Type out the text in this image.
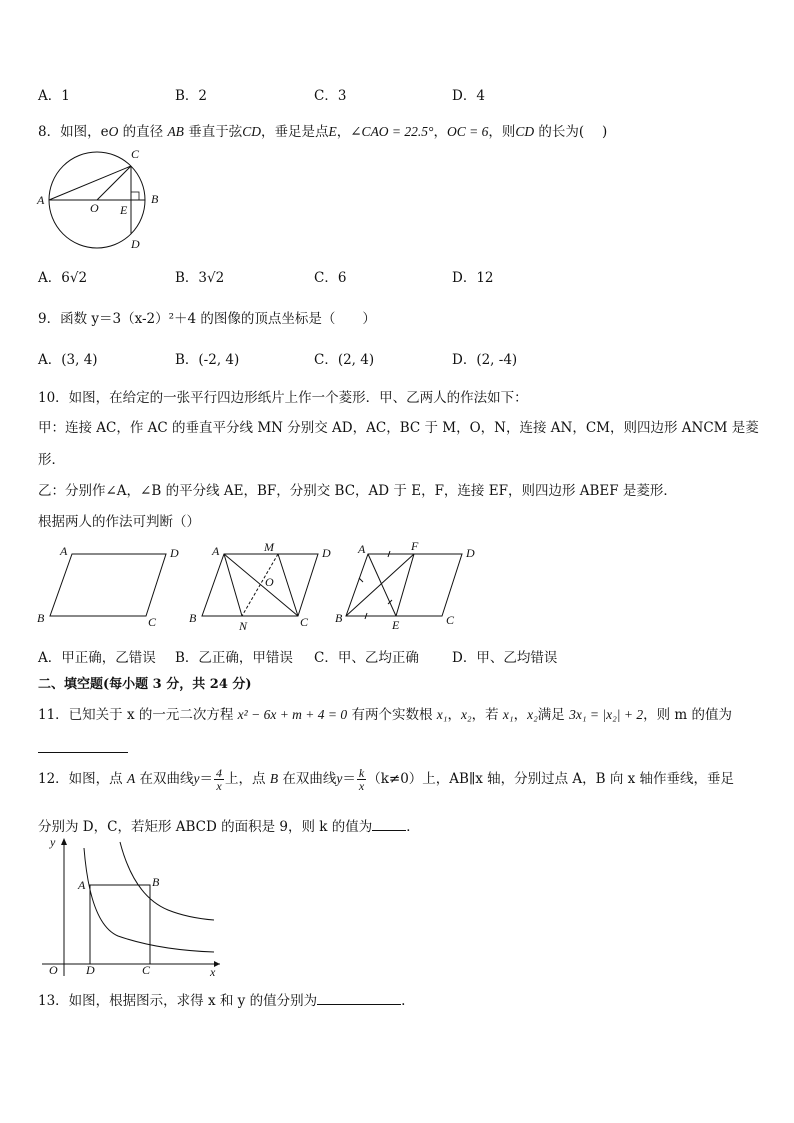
A．1	B．2	C．3	D．4
8．如图，eO 的直径 AB 垂直于弦CD，垂足是点E，∠CAO = 22.5°，OC = 6，则CD 的长为(　 )
C
A	B
O E
D
A．6√2	B．3√2	C．6	D．12
9．函数 y＝3（x-2）²＋4 的图像的顶点坐标是（　　）
A．(3, 4)	B．(-2, 4)	C．(2, 4)	D．(2, -4)
10．如图，在给定的一张平行四边形纸片上作一个菱形．甲、乙两人的作法如下：
甲：连接 AC，作 AC 的垂直平分线 MN 分别交 AD，AC，BC 于 M，O，N，连接 AN，CM，则四边形 ANCM 是菱
形．
乙：分别作∠A，∠B 的平分线 AE，BF，分别交 BC，AD 于 E，F，连接 EF，则四边形 ABEF 是菱形．
根据两人的作法可判断（）
A	D
B	C
A	M	D
O
B
N	C
A	F	D
B	E	C
A．甲正确，乙错误 B．乙正确，甲错误 C．甲、乙均正确 D．甲、乙均错误
二、填空题(每小题 3 分，共 24 分)
11．已知关于 x 的一元二次方程 x² − 6x + m + 4 = 0 有两个实数根 x₁，x₂，若 x₁，x₂满足 3x₁ = |x₂| + 2，则 m 的值为
12．如图，点 A 在双曲线$y= \frac{4}{x}$ 上，点 B 在双曲线$y= \frac{k}{x} (k\ne 0)$上，AB∥x 轴，分别过点 A，B 向 x 轴作垂线，垂足
分别为 D，C，若矩形 ABCD 的面积是 9，则 k 的值为	．
y
x
O
A	B
D	C
13．如图，根据图示，求得 x 和 y 的值分别为	.
